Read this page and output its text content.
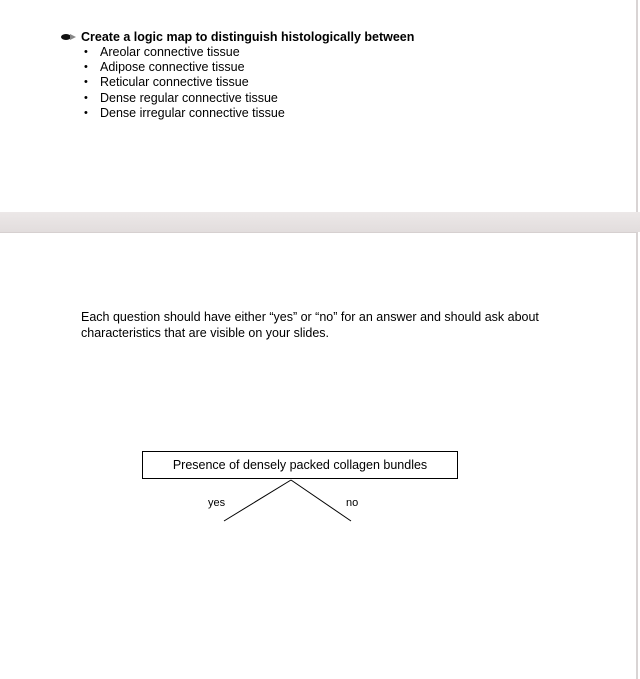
Create a logic map to distinguish histologically between
• Areolar connective tissue
• Adipose connective tissue
• Reticular connective tissue
• Dense regular connective tissue
• Dense irregular connective tissue
Each question should have either “yes” or “no” for an answer and should ask about characteristics that are visible on your slides.
Presence of densely packed collagen bundles
yes	no
